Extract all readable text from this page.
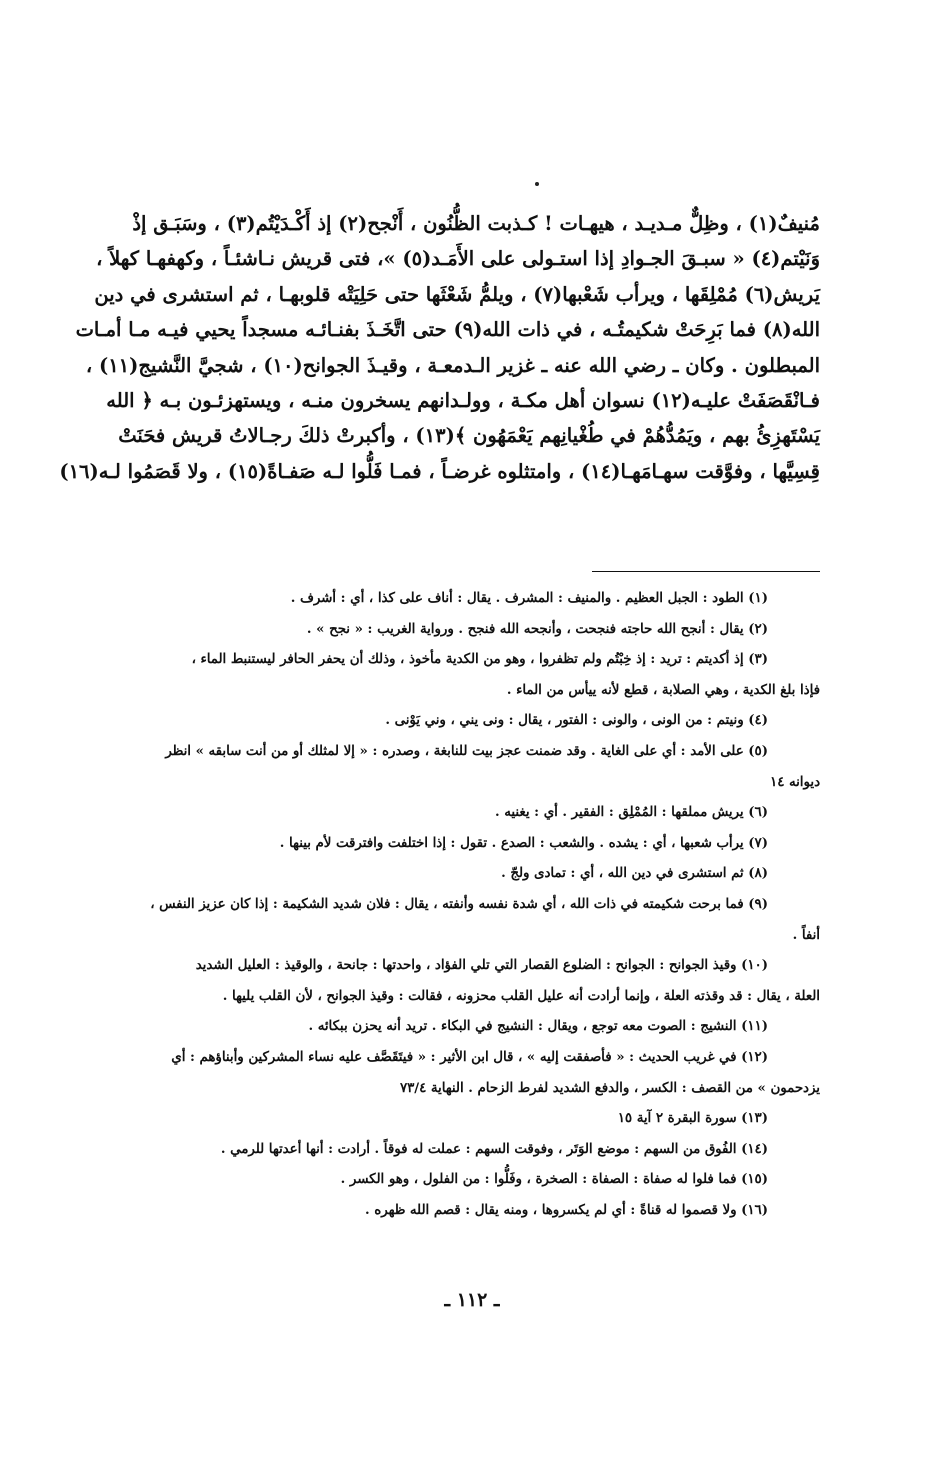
مُنيفٌ(١) ، وظِلٌّ مـديـد ، هيهـات ! كـذبت الظُّنُون ، أَنْجح(٢) إذ أَكْـدَيْتُم(٣) ، وسَبَـق إذْ
وَنَيْتم(٤) « سبـقَ الجـوادِ إذا استـولى على الأَمَـد(٥) »، فتى قريش نـاشئـاً ، وكهفهـا كهلاً ،
يَريش(٦) مُمْلِقَها ، ويرأب شَعْبها(٧) ، ويلمُّ شَعْثَها حتى حَلِيَتْه قلوبهـا ، ثم استشرى في دين
الله(٨) فما بَرِحَتْ شكيمتُـه ، في ذات الله(٩) حتى اتَّخَـذَ بفنـائـه مسجداً يحيي فيـه مـا أمـات
المبطلون . وكان ـ رضي الله عنه ـ غزير الـدمعـة ، وقيـذَ الجوانح(١٠) ، شجيَّ النَّشيج(١١) ،
فـانْقَصَفَتْ عليـه(١٢) نسوان أهل مكـة ، وولـدانهم يسخرون منـه ، ويستهزئـون بـه ﴿ الله
يَسْتَهزِئُ بهم ، ويَمُدُّهُمْ في طُغْيانِهم يَعْمَهُون ﴾(١٣) ، وأكبرتْ ذلكَ رجـالاتُ قريش فحَنَتْ
قِسِيَّها ، وفوَّقت سهـامَهـا(١٤) ، وامتثلوه غرضـاً ، فمـا فَلُّوا لـه صَفـاةً(١٥) ، ولا قَصَمُوا لـه(١٦)
(١) الطود : الجبل العظيم . والمنيف : المشرف . يقال : أناف على كذا ، أي : أشرف .
(٢) يقال : أنجح الله حاجته فنجحت ، وأنجحه الله فنجح . ورواية الغريب : « نجح » .
(٣) إذ أكديتم : تريد : إذ خِبْتُم ولم تظفروا ، وهو من الكدية مأخوذ ، وذلك أن يحفر الحافر ليستنبط الماء ،
فإذا بلغ الكدية ، وهي الصلابة ، قطع لأنه ييأس من الماء .
(٤) ونيتم : من الونى ، والونى : الفتور ، يقال : ونى يني ، وني يَوْنى .
(٥) على الأمد : أي على الغاية . وقد ضمنت عجز بيت للنابغة ، وصدره : « إلا لمثلك أو من أنت سابقه » انظر
ديوانه ١٤
(٦) يريش مملقها : المُمْلِق : الفقير . أي : يغنيه .
(٧) يرأب شعبها ، أي : يشده . والشعب : الصدع . تقول : إذا اختلفت وافترقت لأم بينها .
(٨) ثم استشرى في دين الله ، أي : تمادى ولجّ .
(٩) فما برحت شكيمته في ذات الله ، أي شدة نفسه وأنفته ، يقال : فلان شديد الشكيمة : إذا كان عزيز النفس ،
أنفاً .
(١٠) وقيذ الجوانح : الجوانح : الضلوع القصار التي تلي الفؤاد ، واحدتها : جانحة ، والوقيذ : العليل الشديد
العلة ، يقال : قد وقذته العلة ، وإنما أرادت أنه عليل القلب محزونه ، فقالت : وقيذ الجوانح ، لأن القلب يليها .
(١١) النشيج : الصوت معه توجع ، ويقال : النشيج في البكاء . تريد أنه يحزن ببكائه .
(١٢) في غريب الحديث : « فأصفقت إليه » ، قال ابن الأثير : « فيتَقَصَّف عليه نساء المشركين وأبناؤهم : أي
يزدحمون » من القصف : الكسر ، والدفع الشديد لفرط الزحام . النهاية ٧٣/٤
(١٣) سورة البقرة ٢ آية ١٥
(١٤) الفُوق من السهم : موضع الوَتَر ، وفوقت السهم : عملت له فوقاً . أرادت : أنها أعدتها للرمي .
(١٥) فما فلوا له صفاة : الصفاة : الصخرة ، وفَلُّوا : من الفلول ، وهو الكسر .
(١٦) ولا قصموا له قناةً : أي لم يكسروها ، ومنه يقال : قصم الله ظهره .
ـ ١١٢ ـ
